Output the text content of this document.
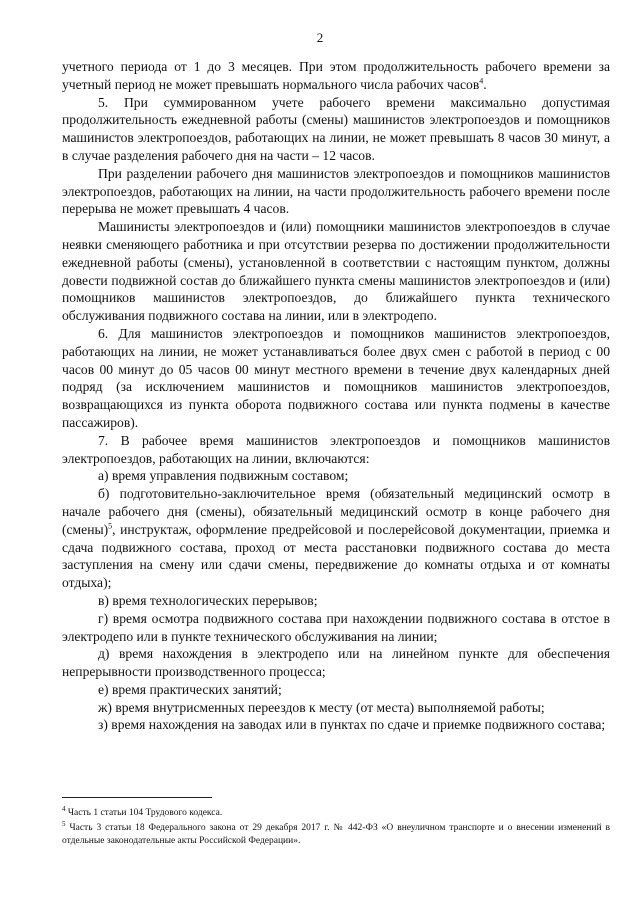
2

учетного периода от 1 до 3 месяцев. При этом продолжительность рабочего времени за учетный период не может превышать нормального числа рабочих часов$^4$.

5. При суммированном учете рабочего времени максимально допустимая продолжительность ежедневной работы (смены) машинистов электропоездов и помощников машинистов электропоездов, работающих на линии, не может превышать 8 часов 30 минут, а в случае разделения рабочего дня на части – 12 часов.

При разделении рабочего дня машинистов электропоездов и помощников машинистов электропоездов, работающих на линии, на части продолжительность рабочего времени после перерыва не может превышать 4 часов.

Машинисты электропоездов и (или) помощники машинистов электропоездов в случае неявки сменяющего работника и при отсутствии резерва по достижении продолжительности ежедневной работы (смены), установленной в соответствии с настоящим пунктом, должны довести подвижной состав до ближайшего пункта смены машинистов электропоездов и (или) помощников машинистов электропоездов, до ближайшего пункта технического обслуживания подвижного состава на линии, или в электродепо.

6. Для машинистов электропоездов и помощников машинистов электропоездов, работающих на линии, не может устанавливаться более двух смен с работой в период с 00 часов 00 минут до 05 часов 00 минут местного времени в течение двух календарных дней подряд (за исключением машинистов и помощников машинистов электропоездов, возвращающихся из пункта оборота подвижного состава или пункта подмены в качестве пассажиров).

7. В рабочее время машинистов электропоездов и помощников машинистов электропоездов, работающих на линии, включаются:

а) время управления подвижным составом;

б) подготовительно-заключительное время (обязательный медицинский осмотр в начале рабочего дня (смены), обязательный медицинский осмотр в конце рабочего дня (смены)$^5$, инструктаж, оформление предрейсовой и послерейсовой документации, приемка и сдача подвижного состава, проход от места расстановки подвижного состава до места заступления на смену или сдачи смены, передвижение до комнаты отдыха и от комнаты отдыха);

в) время технологических перерывов;

г) время осмотра подвижного состава при нахождении подвижного состава в отстое в электродепо или в пункте технического обслуживания на линии;

д) время нахождения в электродепо или на линейном пункте для обеспечения непрерывности производственного процесса;

е) время практических занятий;

ж) время внутрисменных переездов к месту (от места) выполняемой работы;

з) время нахождения на заводах или в пунктах по сдаче и приемке подвижного состава;

$^4$ Часть 1 статьи 104 Трудового кодекса.

$^5$ Часть 3 статьи 18 Федерального закона от 29 декабря 2017 г. № 442-ФЗ «О внеуличном транспорте и о внесении изменений в отдельные законодательные акты Российской Федерации».
